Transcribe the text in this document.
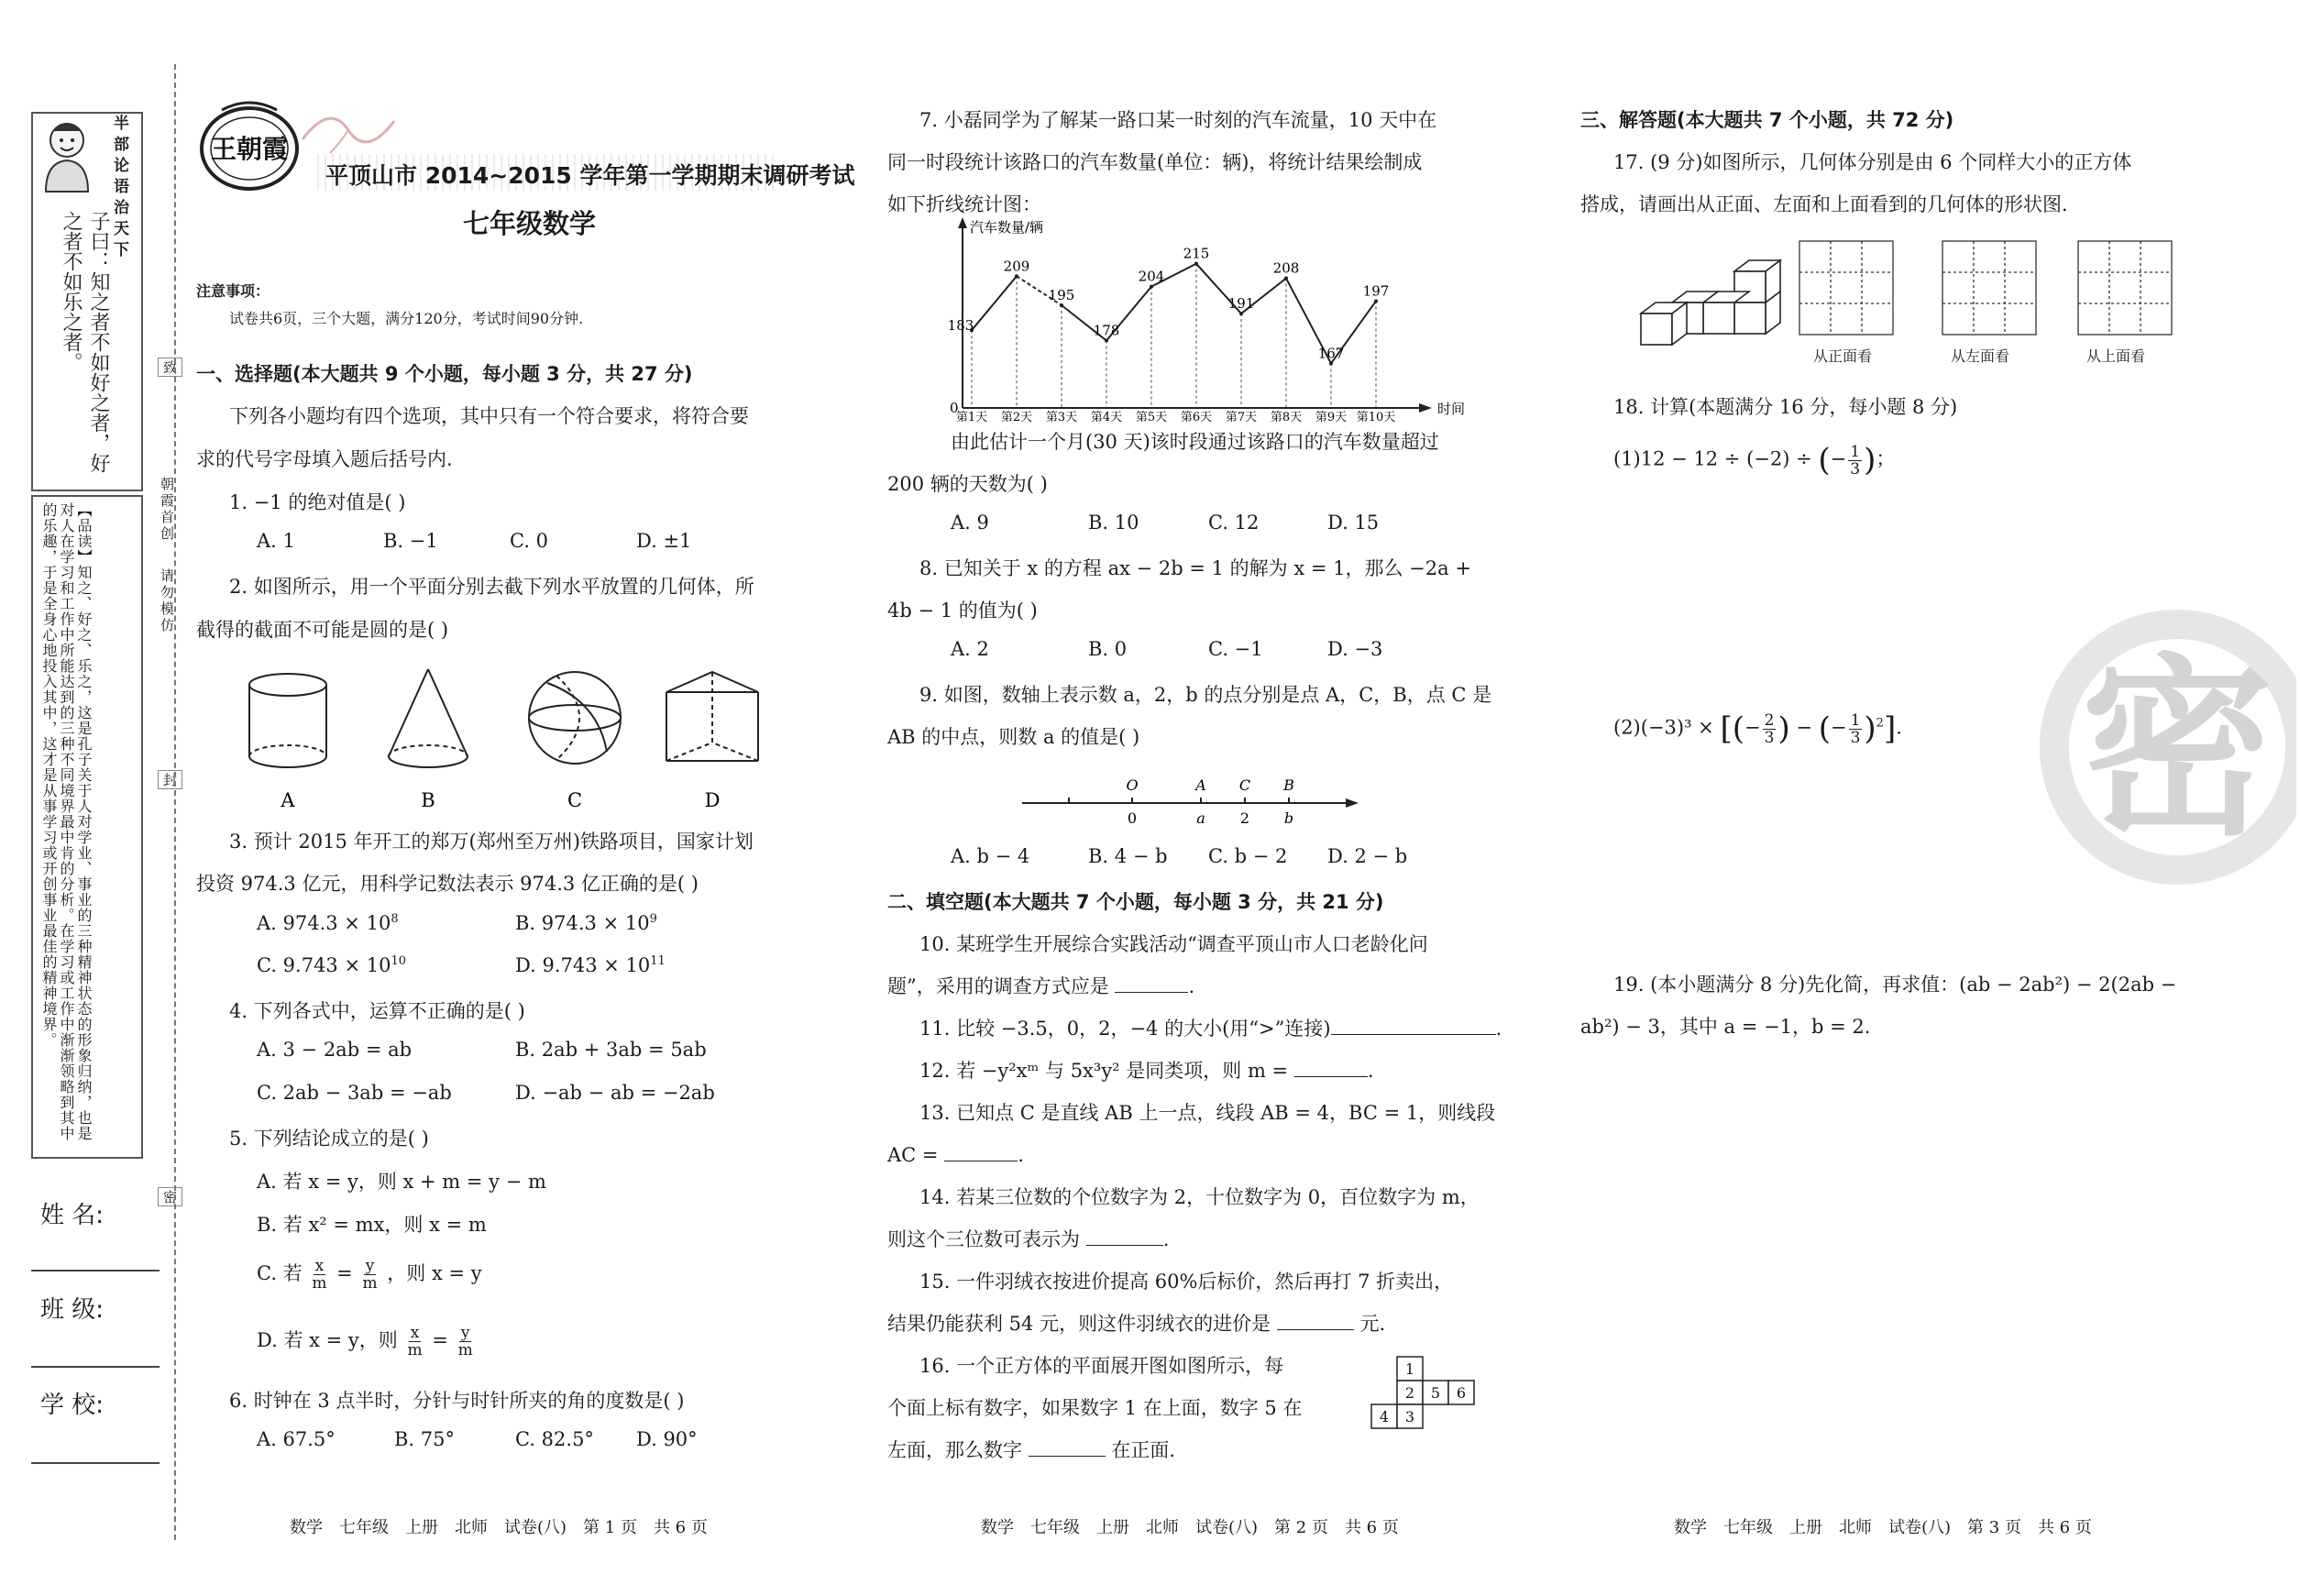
半部论语治天下
子曰：知之者不如好之者，好之者不如乐之者。
【品读】知之、好之、乐之，这是孔子关于人对学业、事业的三种精神状态的形象归纳，也是对人在学习和工作中所能达到的三种不同境界最中肯的分析。在学习或工作中渐渐领略到其中的乐趣，于是全身心地投入其中，这才是从事学习或开创事业最佳的精神境界。
致
朝霞首创
请勿模仿
封
密
姓 名:
班 级:
学 校:
王朝霞
平顶山市 2014~2015 学年第一学期期末调研考试
七年级数学
注意事项：
试卷共6页，三个大题，满分120分，考试时间90分钟.
一、选择题(本大题共 9 个小题，每小题 3 分，共 27 分)
下列各小题均有四个选项，其中只有一个符合要求，将符合要
求的代号字母填入题后括号内.
1. −1 的绝对值是( )
A. 1	B. −1	C. 0	D. ±1
2. 如图所示，用一个平面分别去截下列水平放置的几何体，所
截得的截面不可能是圆的是( )
A	B	C	D
3. 预计 2015 年开工的郑万(郑州至万州)铁路项目，国家计划
投资 974.3 亿元，用科学记数法表示 974.3 亿正确的是( )
A. $974.3 \times 10^8$	B. $974.3 \times 10^9$
C. $9.743 \times 10^{10}$	D. $9.743 \times 10^{11}$
4. 下列各式中，运算不正确的是( )
A. 3 − 2ab = ab	B. 2ab + 3ab = 5ab
C. 2ab − 3ab = −ab	D. −ab − ab = −2ab
5. 下列结论成立的是( )
A. 若 x = y，则 x + m = y − m
B. 若 x² = mx，则 x = m
C. 若 $\frac{x}{m} = \frac{y}{m}$ ，则 x = y
D. 若 x = y，则 $\frac{x}{m} = \frac{y}{m}$
6. 时钟在 3 点半时，分针与时针所夹的角的度数是( )
A. 67.5°	B. 75°	C. 82.5° D. 90°
数学　七年级　上册　北师　试卷(八)　第 1 页　共 6 页
7. 小磊同学为了解某一路口某一时刻的汽车流量，10 天中在
同一时段统计该路口的汽车数量(单位：辆)，将统计结果绘制成
如下折线统计图：
汽车数量/辆
时间
0
183
第1天
209
第2天
195
第3天
178
第4天
204
第5天
215
第6天
191
第7天
208
第8天
167
第9天
197
第10天
由此估计一个月(30 天)该时段通过该路口的汽车数量超过
200 辆的天数为( )
A. 9	B. 10	C. 12	D. 15
8. 已知关于 x 的方程 ax − 2b = 1 的解为 x = 1，那么 −2a +
4b − 1 的值为( )
A. 2	B. 0	C. −1	D. −3
9. 如图，数轴上表示数 a，2，b 的点分别是点 A，C，B，点 C 是
AB 的中点，则数 a 的值是( )
O	A C B
0	a 2 b
A. b − 4	B. 4 − b C. b − 2 D. 2 − b
二、填空题(本大题共 7 个小题，每小题 3 分，共 21 分)
10. 某班学生开展综合实践活动“调查平顶山市人口老龄化问
题”，采用的调查方式应是	.
11. 比较 −3.5，0，2，−4 的大小(用“>”连接)	.
12. 若 −y²xᵐ 与 5x³y² 是同类项，则 m =	.
13. 已知点 C 是直线 AB 上一点，线段 AB = 4，BC = 1，则线段
AC =	.
14. 若某三位数的个位数字为 2，十位数字为 0，百位数字为 m，
则这个三位数可表示为	.
15. 一件羽绒衣按进价提高 60%后标价，然后再打 7 折卖出，
结果仍能获利 54 元，则这件羽绒衣的进价是	元.
16. 一个正方体的平面展开图如图所示，每
个面上标有数字，如果数字 1 在上面，数字 5 在
左面，那么数字	在正面.
1
2 5 6
4 3
数学　七年级　上册　北师　试卷(八)　第 2 页　共 6 页
密
三、解答题(本大题共 7 个小题，共 72 分)
17. (9 分)如图所示，几何体分别是由 6 个同样大小的正方体
搭成，请画出从正面、左面和上面看到的几何体的形状图.
从正面看	从左面看	从上面看
18. 计算(本题满分 16 分，每小题 8 分)
(1)12 − 12 ÷ (−2) ÷ (− $\frac{1}{3}$ )；
(2)(−3)³ × [(− $\frac{2}{3}$ ) − (− $\frac{1}{3} )^2$].
19. (本小题满分 8 分)先化简，再求值：(ab − 2ab²) − 2(2ab −
ab²) − 3，其中 a = −1，b = 2.
数学　七年级　上册　北师　试卷(八)　第 3 页　共 6 页
